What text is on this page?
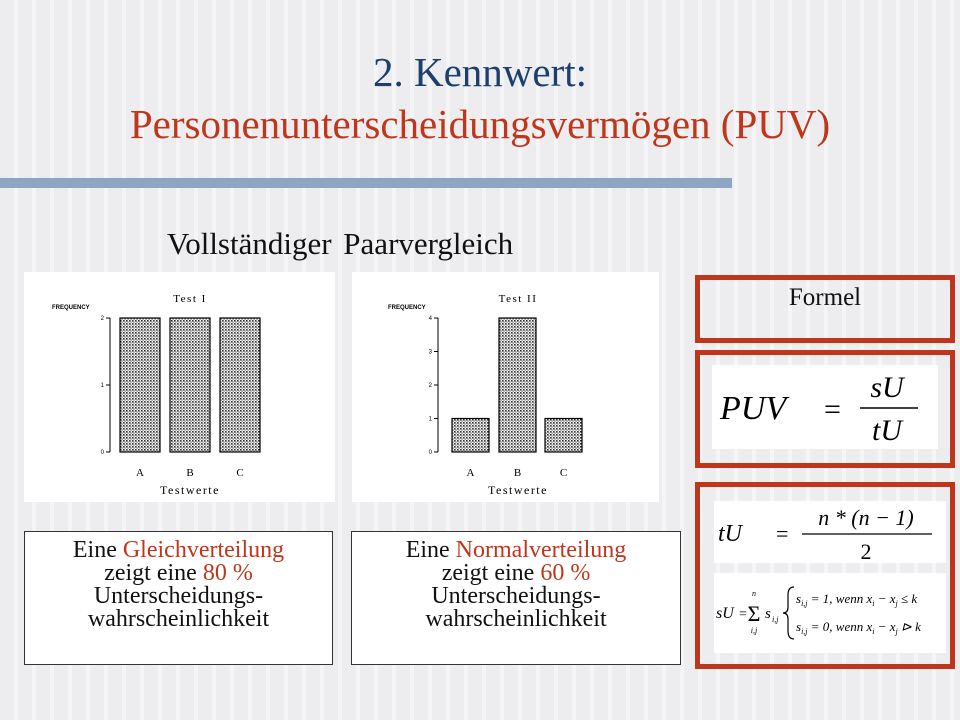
2. Kennwert:
Personenunterscheidungsvermögen (PUV)
Vollständiger Paarvergleich
FREQUENCY
Test I
0
1
2
A	B	C
Testwerte
FREQUENCY
Test II
0
1
2
3
4
A	B	C
Testwerte
Eine Gleichverteilung
zeigt eine 80 %
Unterscheidungs-
wahrscheinlichkeit
Eine Normalverteilung
zeigt eine 60 %
Unterscheidungs-
wahrscheinlichkeit
Formel
PUV =
sU
tU
tU =
n * (n − 1)
2
sU =
n
Σ
i,j
s i,j
$s_{i,j} = 1$, wenn $x_i - x_j \le k$
$s_{i,j} = 0$, wenn $x_i - x_j$ ⊳ k
